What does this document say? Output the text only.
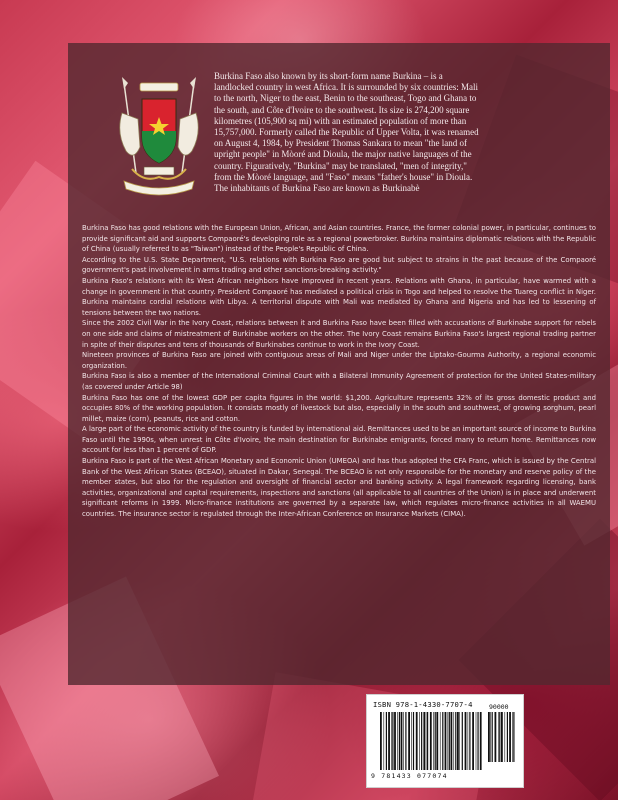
Burkina Faso also known by its short-form name Burkina – is a landlocked country in west Africa. It is surrounded by six countries: Mali to the north, Niger to the east, Benin to the southeast, Togo and Ghana to the south, and Côte d'Ivoire to the southwest. Its size is 274,200 square kilometres (105,900 sq mi) with an estimated population of more than 15,757,000. Formerly called the Republic of Upper Volta, it was renamed on August 4, 1984, by President Thomas Sankara to mean "the land of upright people" in Mòoré and Dioula, the major native languages of the country. Figuratively, "Burkina" may be translated, "men of integrity," from the Mòoré language, and "Faso" means "father's house" in Dioula. The inhabitants of Burkina Faso are known as Burkinabè

Burkina Faso has good relations with the European Union, African, and Asian countries. France, the former colonial power, in particular, continues to provide significant aid and supports Compaoré's developing role as a regional powerbroker. Burkina maintains diplomatic relations with the Republic of China (usually referred to as "Taiwan") instead of the People's Republic of China.

According to the U.S. State Department, "U.S. relations with Burkina Faso are good but subject to strains in the past because of the Compaoré government's past involvement in arms trading and other sanctions-breaking activity."

Burkina Faso's relations with its West African neighbors have improved in recent years. Relations with Ghana, in particular, have warmed with a change in government in that country. President Compaoré has mediated a political crisis in Togo and helped to resolve the Tuareg conflict in Niger. Burkina maintains cordial relations with Libya. A territorial dispute with Mali was mediated by Ghana and Nigeria and has led to lessening of tensions between the two nations.

Since the 2002 Civil War in the Ivory Coast, relations between it and Burkina Faso have been filled with accusations of Burkinabe support for rebels on one side and claims of mistreatment of Burkinabe workers on the other. The Ivory Coast remains Burkina Faso's largest regional trading partner in spite of their disputes and tens of thousands of Burkinabes continue to work in the Ivory Coast.

Nineteen provinces of Burkina Faso are joined with contiguous areas of Mali and Niger under the Liptako-Gourma Authority, a regional economic organization.

Burkina Faso is also a member of the International Criminal Court with a Bilateral Immunity Agreement of protection for the United States-military (as covered under Article 98)

Burkina Faso has one of the lowest GDP per capita figures in the world: $1,200. Agriculture represents 32% of its gross domestic product and occupies 80% of the working population. It consists mostly of livestock but also, especially in the south and southwest, of growing sorghum, pearl millet, maize (corn), peanuts, rice and cotton.

A large part of the economic activity of the country is funded by international aid. Remittances used to be an important source of income to Burkina Faso until the 1990s, when unrest in Côte d'Ivoire, the main destination for Burkinabe emigrants, forced many to return home. Remittances now account for less than 1 percent of GDP.

Burkina Faso is part of the West African Monetary and Economic Union (UMEOA) and has thus adopted the CFA Franc, which is issued by the Central Bank of the West African States (BCEAO), situated in Dakar, Senegal. The BCEAO is not only responsible for the monetary and reserve policy of the member states, but also for the regulation and oversight of financial sector and banking activity. A legal framework regarding licensing, bank activities, organizational and capital requirements, inspections and sanctions (all applicable to all countries of the Union) is in place and underwent significant reforms in 1999. Micro-finance institutions are governed by a separate law, which regulates micro-finance activities in all WAEMU countries. The insurance sector is regulated through the Inter-African Conference on Insurance Markets (CIMA).

ISBN 978-1-4330-7707-4	90000
9 781433 077074
